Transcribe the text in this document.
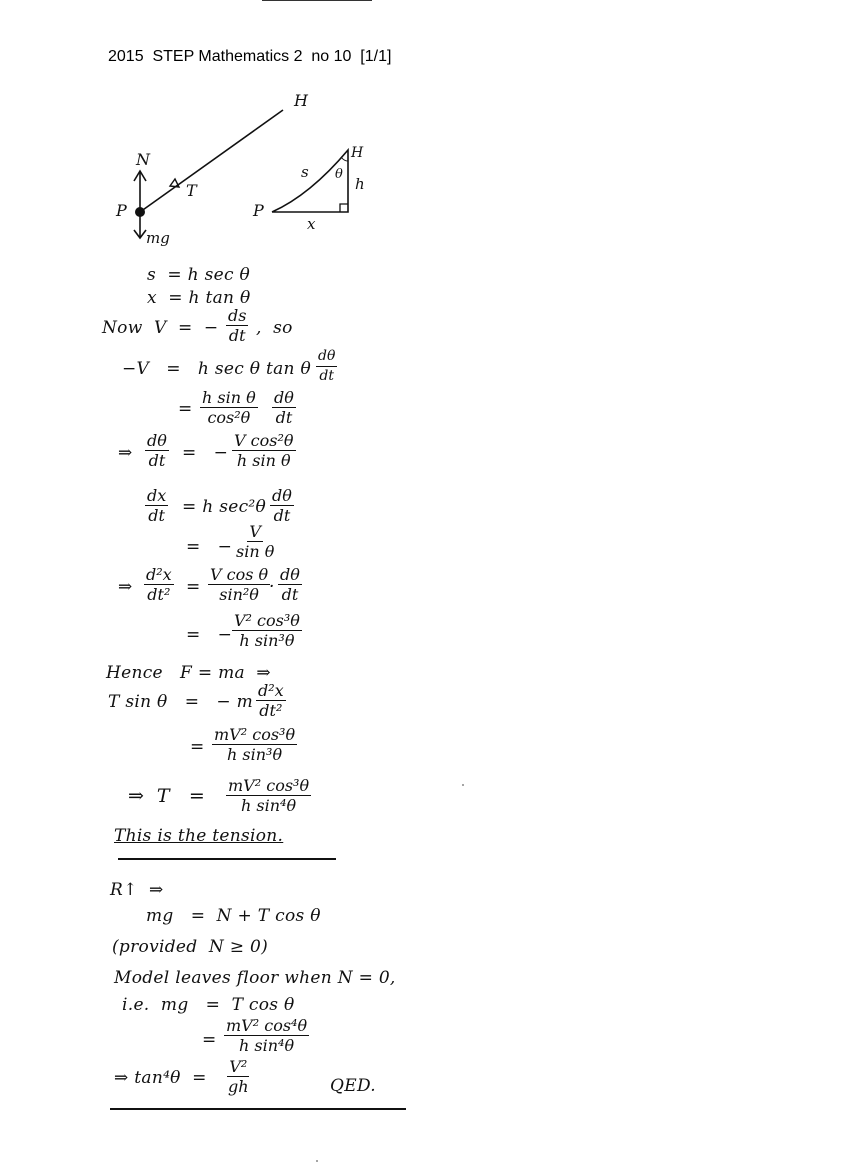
2015  STEP Mathematics 2  no 10  [1/1]
H
N
T
P
mg
H
s θ
h
P
x
s  = h sec θ
x  = h tan θ
Now  V  =  − $\frac{ds}{dt}$ ,  so
−V   =   h sec θ tan θ $\frac{d\theta}{dt}$
= $\frac{\text{h sin θ}}{\text{cos²θ}} \frac{d\theta}{dt}$
⇒ $\frac{d\theta}{dt}$ =   − $\frac{\text{V cos²θ}}{\text{h sin θ}}$
$\frac{dx}{dt} = h$ $\sec^2\theta \frac{d\theta}{dt}$
=   − $\frac{V}{\text{sin θ}}$
⇒ $\frac{\text{d²x}}{\text{dt²}} = \frac{\text{V cos θ}}{\text{sin²θ}}$
· $\frac{d\theta}{dt}$
=   − $\frac{\text{V² cos³θ}}{\text{h sin³θ}}$
Hence   F = ma  ⇒
T sin θ   =   − m $\frac{\text{d²x}}{\text{dt²}}$
= $\frac{\text{mV² cos³θ}}{\text{h sin³θ}}$
⇒  $T = \frac{\text{mV² cos³θ}}{\text{h sin⁴θ}}$
This is the tension.
R↑  ⇒
mg   =  N + T cos θ
(provided  N ≥ 0)
Model leaves floor when N = 0,
i.e.  mg   =  T cos θ
= $\frac{\text{mV² cos⁴θ}}{\text{h sin⁴θ}}$
⇒ $\tan^4\theta = \frac{\text{V²}}{gh}$	QED.
